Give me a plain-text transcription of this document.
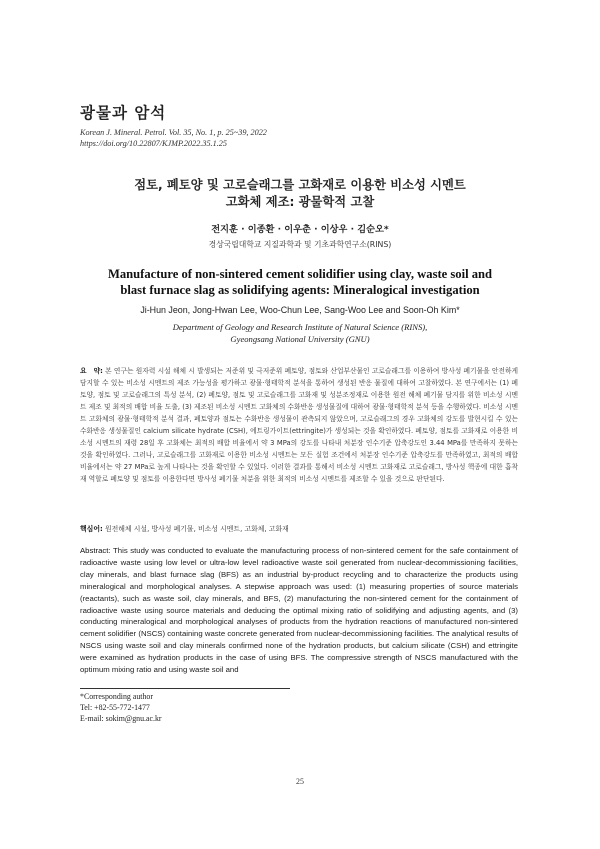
광물과 암석
Korean J. Mineral. Petrol. Vol. 35, No. 1, p. 25~39, 2022
https://doi.org/10.22807/KJMP.2022.35.1.25
점토, 폐토양 및 고로슬래그를 고화재로 이용한 비소성 시멘트
고화체 제조: 광물학적 고찰
전지훈 · 이종환 · 이우춘 · 이상우 · 김순오*
경상국립대학교 지질과학과 및 기초과학연구소(RINS)
Manufacture of non-sintered cement solidifier using clay, waste soil and
blast furnace slag as solidifying agents: Mineralogical investigation
Ji-Hun Jeon, Jong-Hwan Lee, Woo-Chun Lee, Sang-Woo Lee and Soon-Oh Kim*
Department of Geology and Research Institute of Natural Science (RINS),
Gyeongsang National University (GNU)
요　약: 본 연구는 원자력 시설 해체 시 발생되는 저준위 및 극저준위 폐토양, 점토와 산업부산물인 고로슬래그를 이용하여 방사성 폐기물을 안전하게 담지할 수 있는 비소성 시멘트의 제조 가능성을 평가하고 광물·형태학적 분석을 통하여 생성된 반응 물질에 대하여 고찰하였다. 본 연구에서는 (1) 폐토양, 점토 및 고로슬래그의 특성 분석, (2) 폐토양, 점토 및 고로슬래그를 고화재 및 성분조정재로 이용한 원전 해체 폐기물 담지를 위한 비소성 시멘트 제조 및 최적의 배합 비율 도출, (3) 제조된 비소성 시멘트 고화체의 수화반응 생성물질에 대하여 광물·형태학적 분석 등을 수행하였다. 비소성 시멘트 고화체의 광물·형태학적 분석 결과, 폐토양과 점토는 수화반응 생성물이 관측되지 않았으며, 고로슬래그의 경우 고화체의 강도를 발현시킬 수 있는 수화반응 생성물질인 calcium silicate hydrate (CSH), 에트링가이트(ettringite)가 생성되는 것을 확인하였다. 폐토양, 점토를 고화재로 이용한 비소성 시멘트의 재령 28일 후 고화체는 최적의 배합 비율에서 약 3 MPa의 강도를 나타내 처분장 인수기준 압축강도인 3.44 MPa를 만족하지 못하는 것을 확인하였다. 그러나, 고로슬래그를 고화재로 이용한 비소성 시멘트는 모든 실험 조건에서 처분장 인수기준 압축강도를 만족하였고, 최적의 배합 비율에서는 약 27 MPa로 높게 나타나는 것을 확인할 수 있었다. 이러한 결과를 통해서 비소성 시멘트 고화재로 고로슬래그, 방사성 핵종에 대한 흡착재 역할로 폐토양 및 점토를 이용한다면 방사성 폐기물 처분을 위한 최적의 비소성 시멘트를 제조할 수 있을 것으로 판단된다.
핵심어: 원전해체 시설, 방사성 폐기물, 비소성 시멘트, 고화체, 고화재
Abstract: This study was conducted to evaluate the manufacturing process of non-sintered cement for the safe containment of radioactive waste using low level or ultra-low level radioactive waste soil generated from nuclear-decommissioning facilities, clay minerals, and blast furnace slag (BFS) as an industrial by-product recycling and to characterize the products using mineralogical and morphological analyses. A stepwise approach was used: (1) measuring properties of source materials (reactants), such as waste soil, clay minerals, and BFS, (2) manufacturing the non-sintered cement for the containment of radioactive waste using source materials and deducing the optimal mixing ratio of solidifying and adjusting agents, and (3) conducting mineralogical and morphological analyses of products from the hydration reactions of manufactured non-sintered cement solidifier (NSCS) containing waste concrete generated from nuclear-decommissioning facilities. The analytical results of NSCS using waste soil and clay minerals confirmed none of the hydration products, but calcium silicate (CSH) and ettringite were examined as hydration products in the case of using BFS. The compressive strength of NSCS manufactured with the optimum mixing ratio and using waste soil and
*Corresponding author
Tel: +82-55-772-1477
E-mail: sokim@gnu.ac.kr
25
